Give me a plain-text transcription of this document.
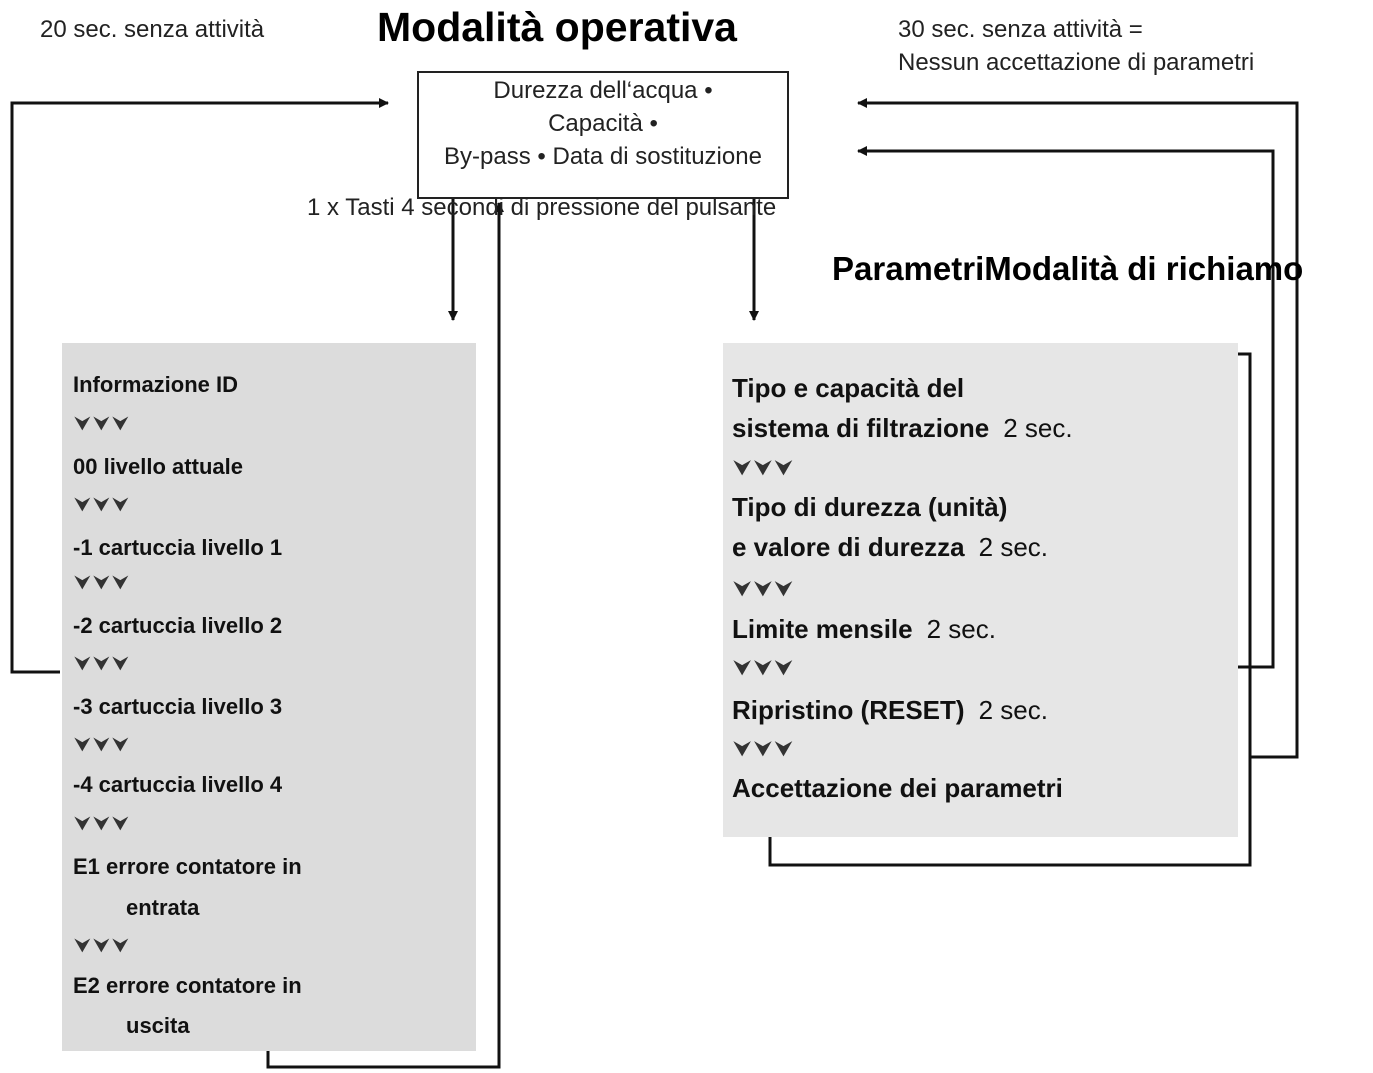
20 sec. senza attività	Modalità operativa	30 sec. senza attività =
Nessun accettazione di parametri
Durezza dell‘acqua •
Capacità •
By-pass • Data di sostituzione
1 x Tasti 4 secondi di pressione del pulsante
ParametriModalità di richiamo
Informazione ID
⮟⮟⮟
00 livello attuale
⮟⮟⮟
-1 cartuccia livello 1
⮟⮟⮟
-2 cartuccia livello 2
⮟⮟⮟
-3 cartuccia livello 3
⮟⮟⮟
-4 cartuccia livello 4
⮟⮟⮟
E1 errore contatore in
entrata
⮟⮟⮟
E2 errore contatore in
uscita
Tipo e capacità del
sistema di filtrazione 2 sec.
⮟⮟⮟
Tipo di durezza (unità)
e valore di durezza 2 sec.
⮟⮟⮟
Limite mensile 2 sec.
⮟⮟⮟
Ripristino (RESET) 2 sec.
⮟⮟⮟
Accettazione dei parametri
